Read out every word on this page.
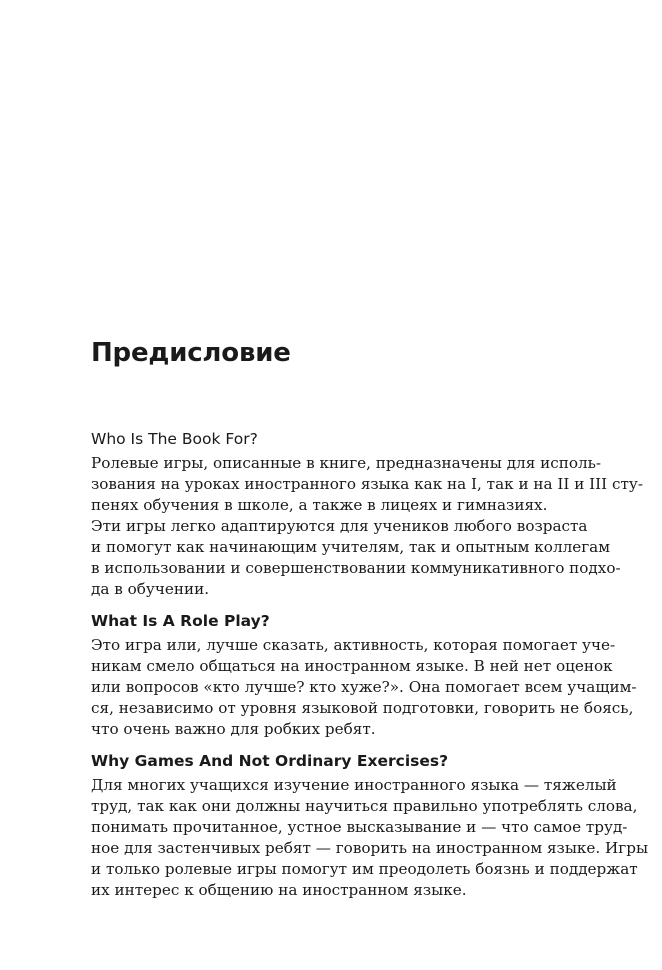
Предисловие
Who Is The Book For?

Ролевые игры, описанные в книге, предназначены для исполь-
зования на уроках иностранного языка как на I, так и на II и III сту-
пенях обучения в школе, а также в лицеях и гимназиях.

Эти игры легко адаптируются для учеников любого возраста
и помогут как начинающим учителям, так и опытным коллегам
в использовании и совершенствовании коммуникативного подхо-
да в обучении.

What Is A Role Play?

Это игра или, лучше сказать, активность, которая помогает уче-
никам смело общаться на иностранном языке. В ней нет оценок
или вопросов «кто лучше? кто хуже?». Она помогает всем учащим-
ся, независимо от уровня языковой подготовки, говорить не боясь,
что очень важно для робких ребят.

Why Games And Not Ordinary Exercises?

Для многих учащихся изучение иностранного языка — тяжелый
труд, так как они должны научиться правильно употреблять слова,
понимать прочитанное, устное высказывание и — что самое труд-
ное для застенчивых ребят — говорить на иностранном языке. Игры
и только ролевые игры помогут им преодолеть боязнь и поддержат
их интерес к общению на иностранном языке.
